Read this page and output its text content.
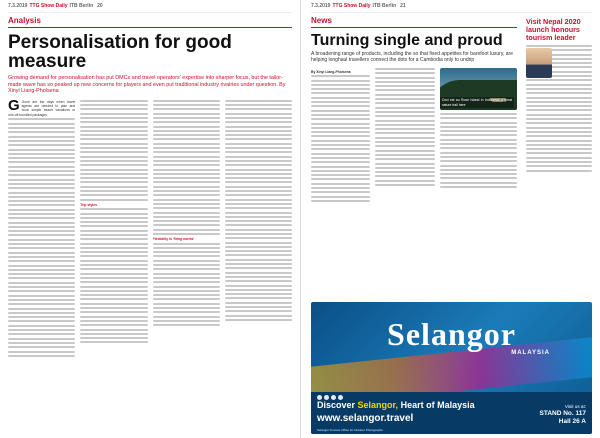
7.3.2019 TTG Show Daily ITB Berlin 20
Analysis
Personalisation for good measure
Growing demand for personalisation has put DMCs and travel operators' expertise into sharper focus, but the tailor-made wave has so peaked up new concerns for players and even put traditional industry rivalries under question. By Xinyi Liang-Pholsena

G Gone are the days when travel agents are needed to plan and book simple beach vacations or one-off bundled packages.

Trip styles
Flexibility is 'firing norms'
7.3.2019 TTG Show Daily ITB Berlin 21
News
Turning single and proud
A broadening range of products, including the so that fixed appetites for barefoot luxury, are helping longhaul travellers connect the dots for a Cambodia only to undrip
By Xinyi Liang-Pholsena
Ceci est au Rose Island in Indonesia a great nature trail here
Visit Nepal 2020 launch honours tourism leader
Selangor
MALAYSIA
Discover Selangor, Heart of Malaysia
www.selangor.travel
Visit us at:
STAND No. 117
Hall 26 A
Selangor Tourism Office for Outdoor Photographs
